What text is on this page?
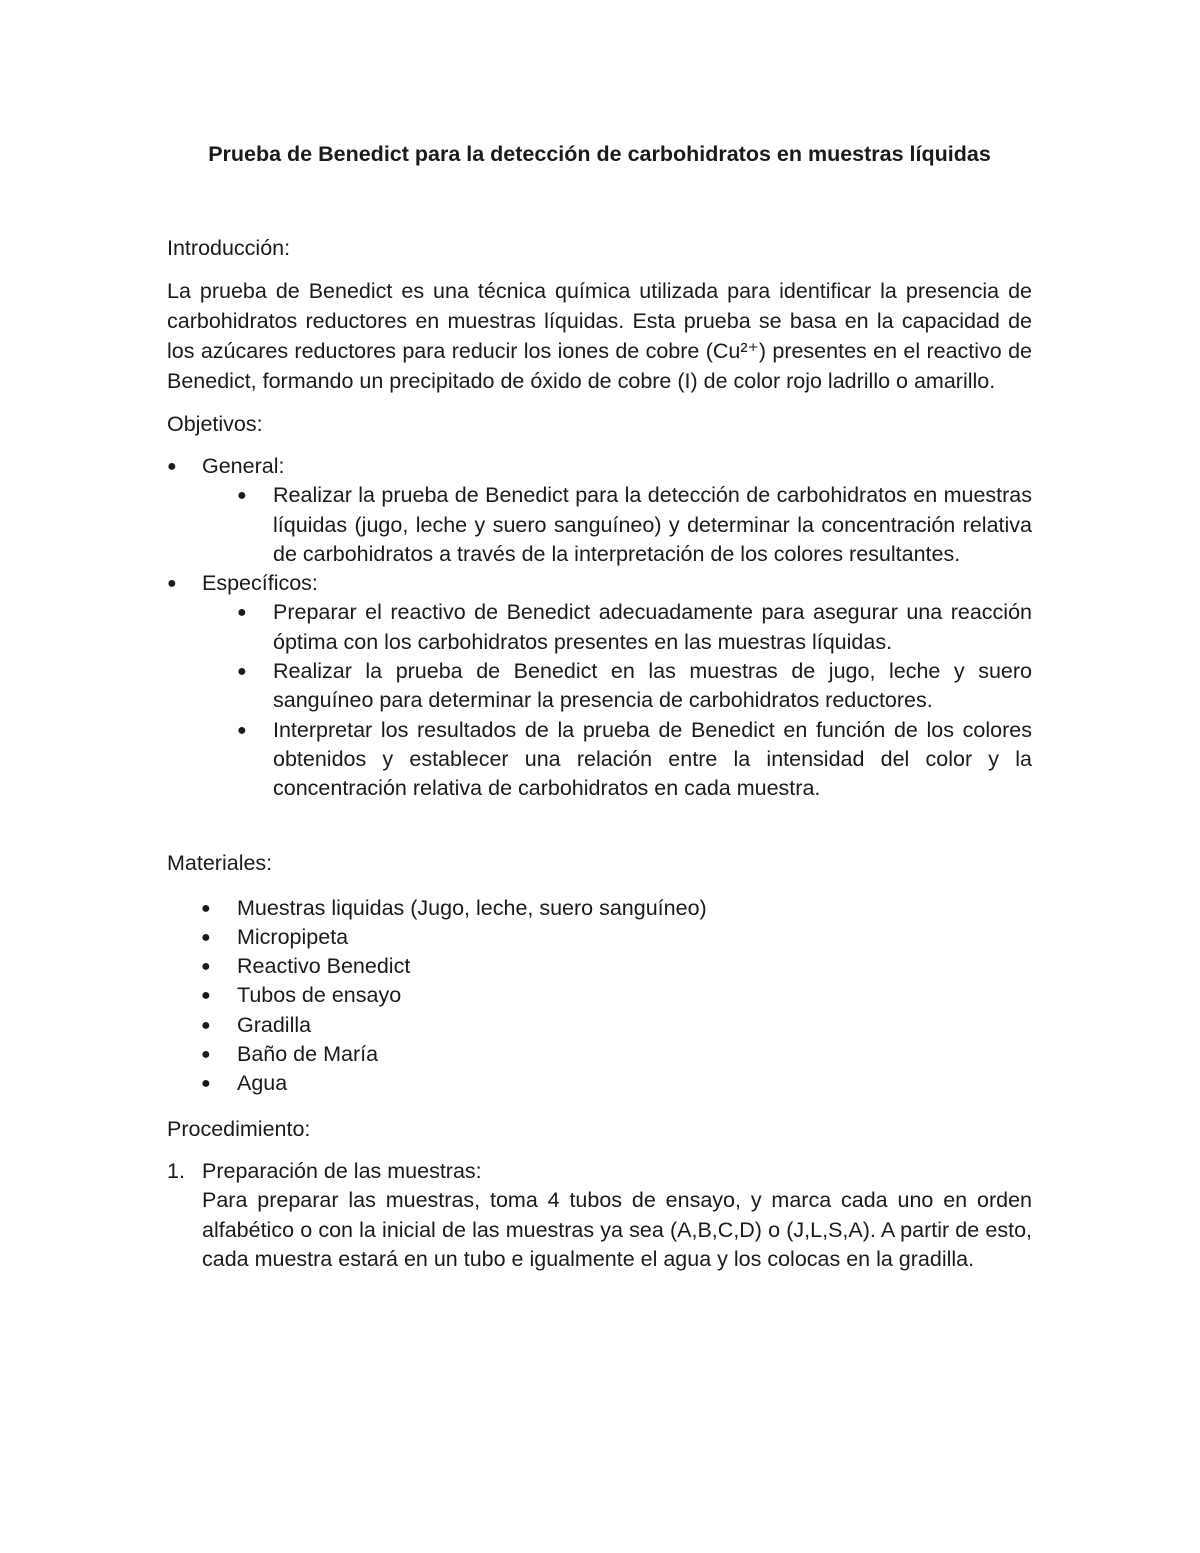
Prueba de Benedict para la detección de carbohidratos en muestras líquidas

Introducción:

La prueba de Benedict es una técnica química utilizada para identificar la presencia de carbohidratos reductores en muestras líquidas. Esta prueba se basa en la capacidad de los azúcares reductores para reducir los iones de cobre (Cu²⁺) presentes en el reactivo de Benedict, formando un precipitado de óxido de cobre (I) de color rojo ladrillo o amarillo.

Objetivos:

● General:
● Realizar la prueba de Benedict para la detección de carbohidratos en muestras líquidas (jugo, leche y suero sanguíneo) y determinar la concentración relativa de carbohidratos a través de la interpretación de los colores resultantes.
● Específicos:
● Preparar el reactivo de Benedict adecuadamente para asegurar una reacción óptima con los carbohidratos presentes en las muestras líquidas.
● Realizar la prueba de Benedict en las muestras de jugo, leche y suero sanguíneo para determinar la presencia de carbohidratos reductores.
● Interpretar los resultados de la prueba de Benedict en función de los colores obtenidos y establecer una relación entre la intensidad del color y la concentración relativa de carbohidratos en cada muestra.

Materiales:

● Muestras liquidas (Jugo, leche, suero sanguíneo)
● Micropipeta
● Reactivo Benedict
● Tubos de ensayo
● Gradilla
● Baño de María
● Agua

Procedimiento:

1. Preparación de las muestras:
Para preparar las muestras, toma 4 tubos de ensayo, y marca cada uno en orden alfabético o con la inicial de las muestras ya sea (A,B,C,D) o (J,L,S,A). A partir de esto, cada muestra estará en un tubo e igualmente el agua y los colocas en la gradilla.
